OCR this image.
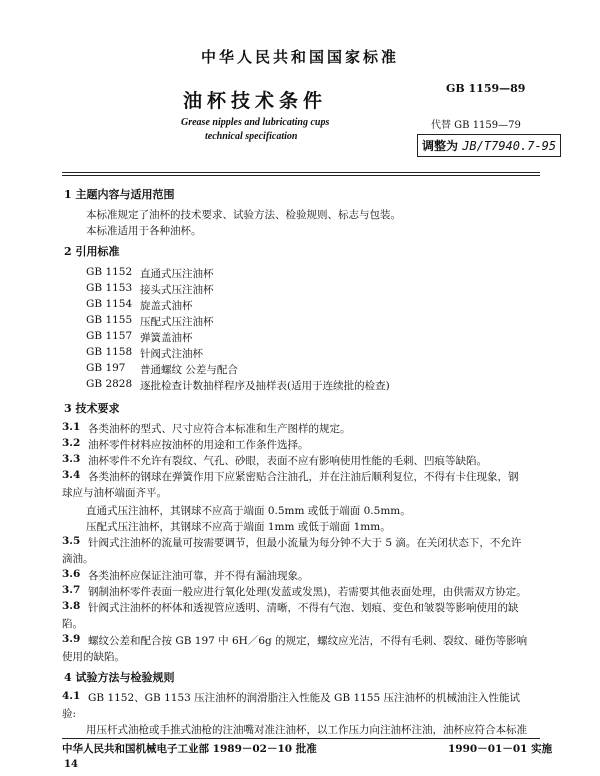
中华人民共和国国家标准
油杯技术条件
GB 1159—89
Grease nipples and lubricating cups
technical specification
代替 GB 1159—79
调整为 JB/T7940.7-95
1 主题内容与适用范围
本标准规定了油杯的技术要求、试验方法、检验规则、标志与包装。
本标准适用于各种油杯。
2 引用标准
GB 1152 直通式压注油杯
GB 1153 接头式压注油杯
GB 1154 旋盖式油杯
GB 1155 压配式压注油杯
GB 1157 弹簧盖油杯
GB 1158 针阀式注油杯
GB 197 普通螺纹 公差与配合
GB 2828 逐批检查计数抽样程序及抽样表(适用于连续批的检查)
3 技术要求
3.1 各类油杯的型式、尺寸应符合本标准和生产图样的规定。
3.2 油杯零件材料应按油杯的用途和工作条件选择。
3.3 油杯零件不允许有裂纹、气孔、砂眼，表面不应有影响使用性能的毛刺、凹痕等缺陷。
3.4 各类油杯的钢球在弹簧作用下应紧密贴合注油孔，并在注油后顺利复位，不得有卡住现象，钢
球应与油杯端面齐平。
直通式压注油杯，其钢球不应高于端面 0.5mm 或低于端面 0.5mm。
压配式压注油杯，其钢球不应高于端面 1mm 或低于端面 1mm。
3.5 针阀式注油杯的流量可按需要调节，但最小流量为每分钟不大于 5 滴。在关闭状态下，不允许
滴油。
3.6 各类油杯应保证注油可靠，并不得有漏油现象。
3.7 钢制油杯零件表面一般应进行氧化处理(发蓝或发黑)，若需要其他表面处理，由供需双方协定。
3.8 针阀式注油杯的杯体和透视管应透明、清晰，不得有气泡、划痕、变色和皱裂等影响使用的缺
陷。
3.9 螺纹公差和配合按 GB 197 中 6H／6g 的规定，螺纹应光洁，不得有毛刺、裂纹、碰伤等影响
使用的缺陷。
4 试验方法与检验规则
4.1 GB 1152、GB 1153 压注油杯的润滑脂注入性能及 GB 1155 压注油杯的机械油注入性能试
验:
用压杆式油枪或手推式油枪的注油嘴对准注油杯，以工作压力向注油杯注油，油杯应符合本标准
中华人民共和国机械电子工业部 1989－02－10 批准	1990－01－01 实施
14
